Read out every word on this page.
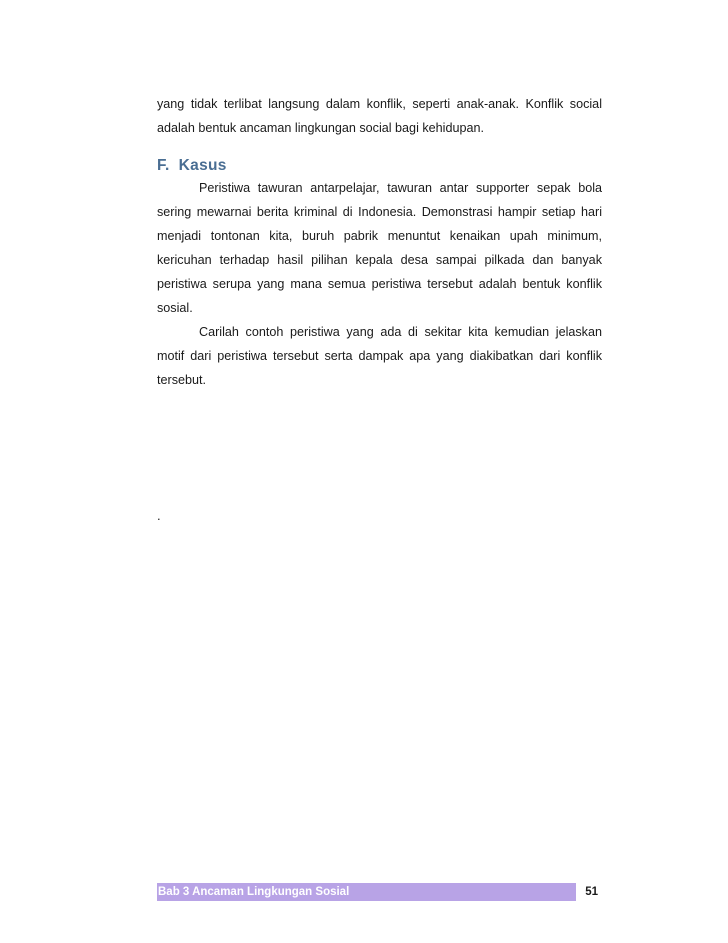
yang tidak terlibat langsung dalam konflik, seperti anak-anak. Konflik social adalah bentuk ancaman lingkungan social bagi kehidupan.

F. Kasus

Peristiwa tawuran antarpelajar, tawuran antar supporter sepak bola sering mewarnai berita kriminal di Indonesia. Demonstrasi hampir setiap hari menjadi tontonan kita, buruh pabrik menuntut kenaikan upah minimum, kericuhan terhadap hasil pilihan kepala desa sampai pilkada dan banyak peristiwa serupa yang mana semua peristiwa tersebut adalah bentuk konflik sosial.

Carilah contoh peristiwa yang ada di sekitar kita kemudian jelaskan motif dari peristiwa tersebut serta dampak apa yang diakibatkan dari konflik tersebut.

.
Bab 3 Ancaman Lingkungan Sosial	51
